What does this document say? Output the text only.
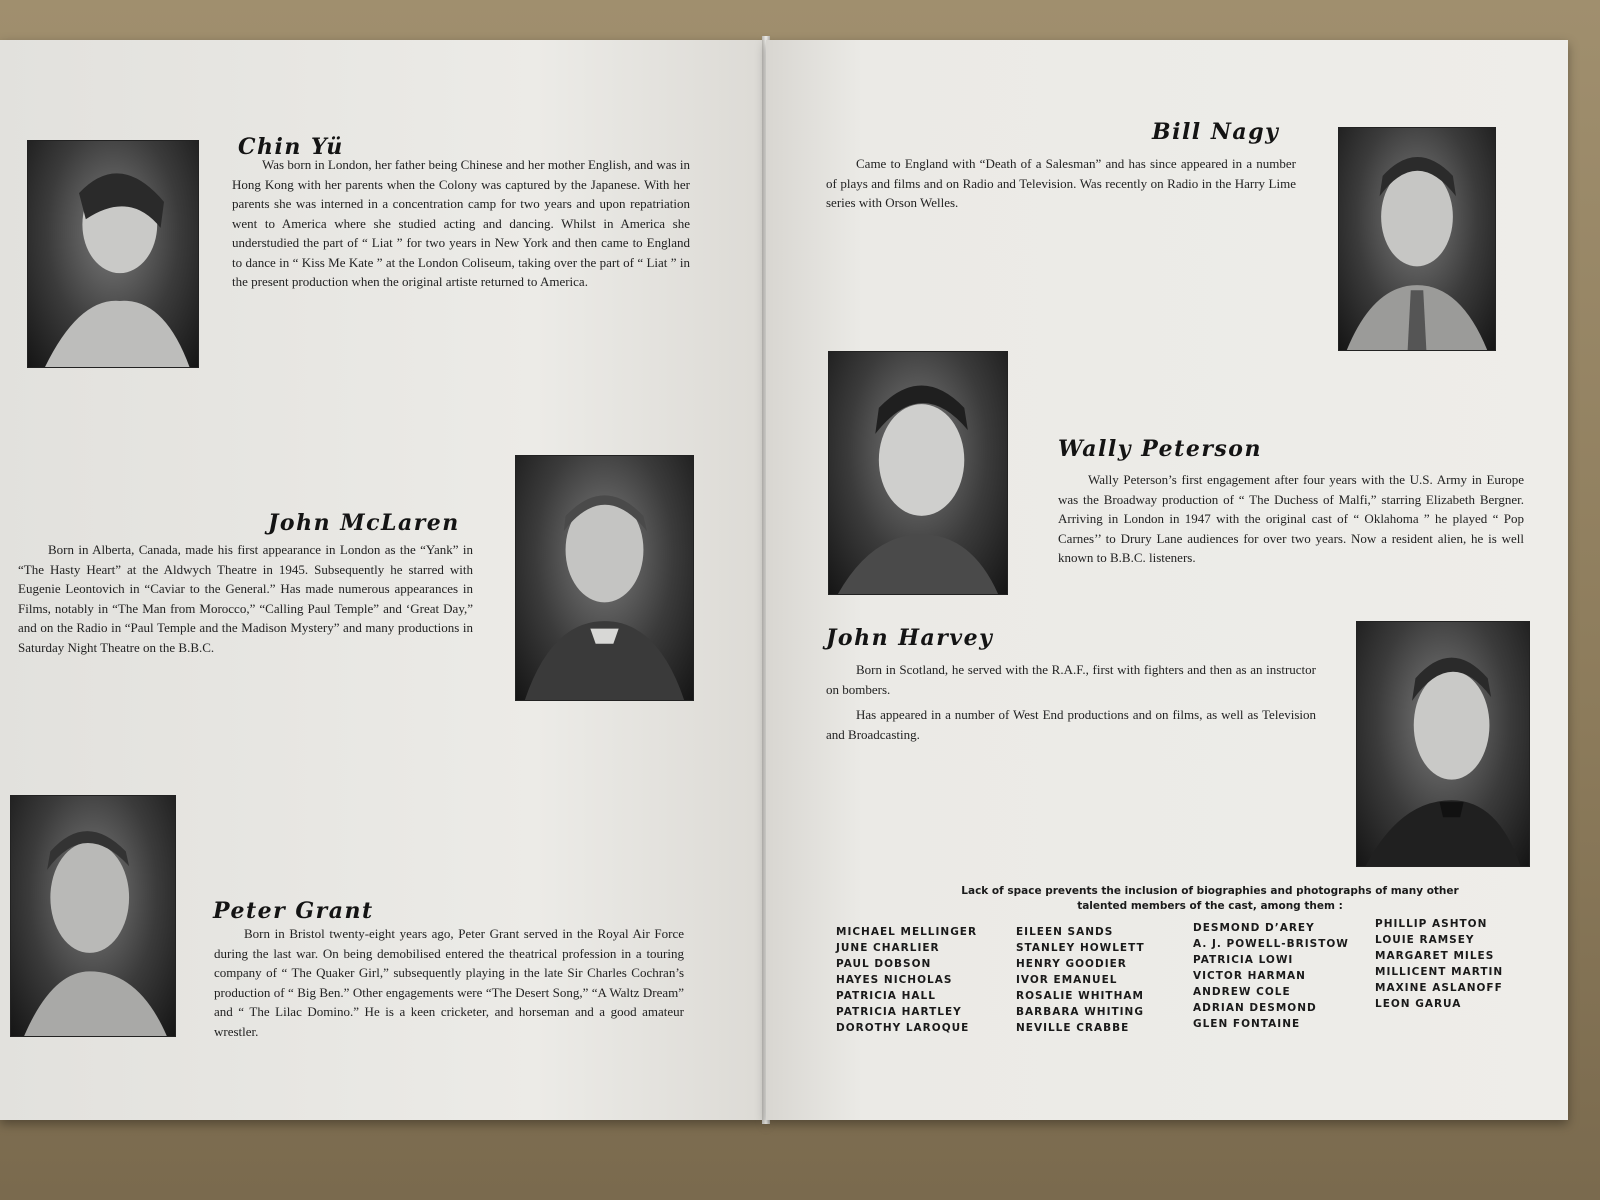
Chin Yü

Was born in London, her father being Chinese and her mother English, and was in Hong Kong with her parents when the Colony was captured by the Japanese. With her parents she was interned in a concentration camp for two years and upon repatriation went to America where she studied acting and dancing. Whilst in America she understudied the part of “ Liat ” for two years in New York and then came to England to dance in “ Kiss Me Kate ” at the London Coliseum, taking over the part of “ Liat ” in the present production when the original artiste returned to America.

John McLaren

Born in Alberta, Canada, made his first appearance in London as the “Yank” in “The Hasty Heart” at the Aldwych Theatre in 1945. Subsequently he starred with Eugenie Leontovich in “Caviar to the General.” Has made numerous appearances in Films, notably in “The Man from Morocco,” “Calling Paul Temple” and ‘Great Day,” and on the Radio in “Paul Temple and the Madison Mystery” and many productions in Saturday Night Theatre on the B.B.C.

Peter Grant

Born in Bristol twenty-eight years ago, Peter Grant served in the Royal Air Force during the last war. On being demobilised entered the theatrical profession in a touring company of “ The Quaker Girl,” subsequently playing in the late Sir Charles Cochran’s production of “ Big Ben.” Other engagements were “The Desert Song,” “A Waltz Dream” and “ The Lilac Domino.” He is a keen cricketer, and horseman and a good amateur wrestler.

Bill Nagy

Came to England with “Death of a Salesman” and has since appeared in a number of plays and films and on Radio and Television. Was recently on Radio in the Harry Lime series with Orson Welles.

Wally Peterson

Wally Peterson’s first engagement after four years with the U.S. Army in Europe was the Broadway production of “ The Duchess of Malfi,” starring Elizabeth Bergner. Arriving in London in 1947 with the original cast of “ Oklahoma ” he played “ Pop Carnes’’ to Drury Lane audiences for over two years. Now a resident alien, he is well known to B.B.C. listeners.

John Harvey

Born in Scotland, he served with the R.A.F., first with fighters and then as an instructor on bombers.

Has appeared in a number of West End productions and on films, as well as Television and Broadcasting.

Lack of space prevents the inclusion of biographies and photographs of many other talented members of the cast, among them :
MICHAEL MELLINGER
JUNE CHARLIER
PAUL DOBSON
HAYES NICHOLAS
PATRICIA HALL
PATRICIA HARTLEY
DOROTHY LAROQUE
EILEEN SANDS
STANLEY HOWLETT
HENRY GOODIER
IVOR EMANUEL
ROSALIE WHITHAM
BARBARA WHITING
NEVILLE CRABBE
DESMOND D’AREY
A. J. POWELL-BRISTOW
PATRICIA LOWI
VICTOR HARMAN
ANDREW COLE
ADRIAN DESMOND
GLEN FONTAINE
PHILLIP ASHTON
LOUIE RAMSEY
MARGARET MILES
MILLICENT MARTIN
MAXINE ASLANOFF
LEON GARUA
